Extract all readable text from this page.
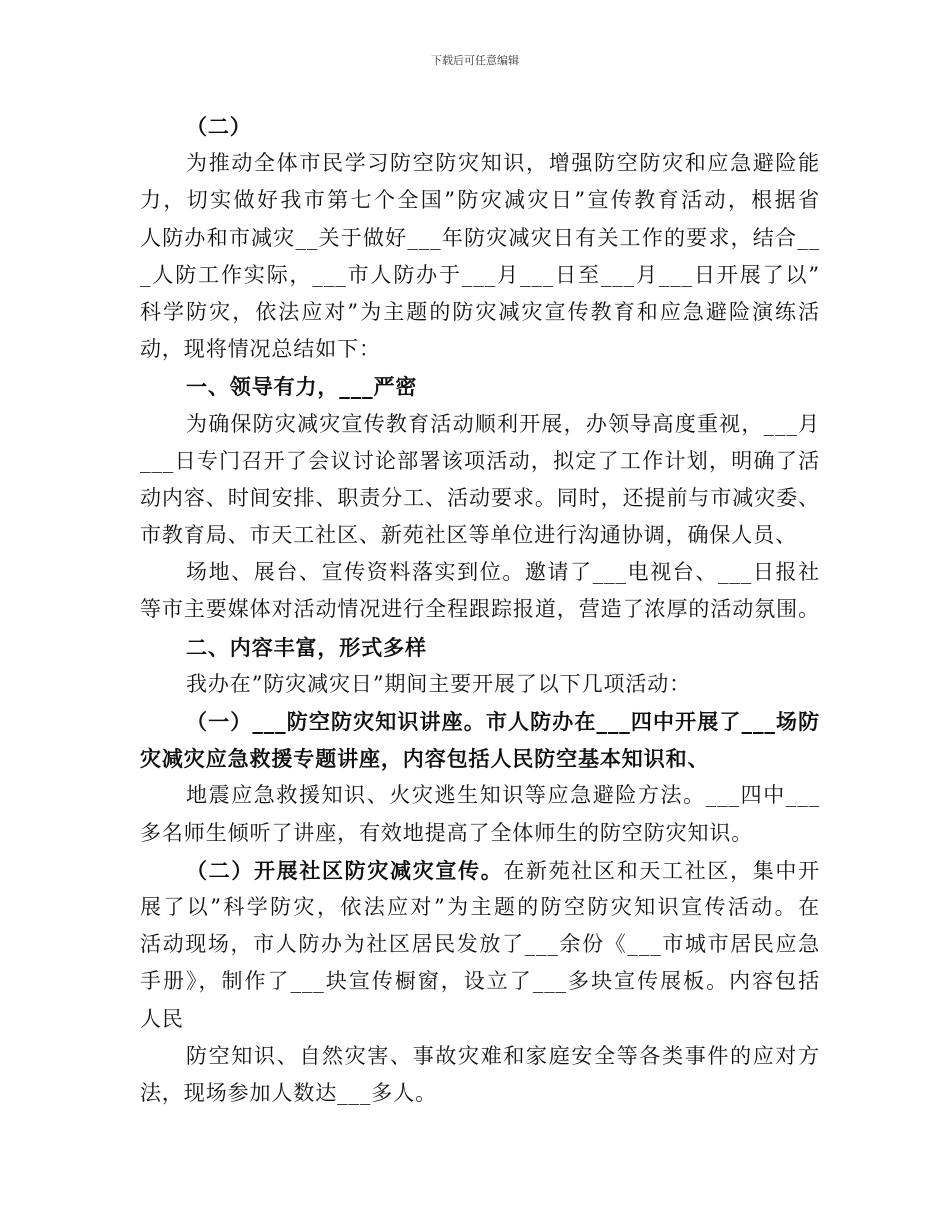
下载后可任意编辑
（二）
为推动全体市民学习防空防灾知识，增强防空防灾和应急避险能
力，切实做好我市第七个全国”防灾减灾日”宣传教育活动，根据省
人防办和市减灾__关于做好___年防灾减灾日有关工作的要求，结合__
_人防工作实际，___市人防办于___月___日至___月___日开展了以”
科学防灾，依法应对”为主题的防灾减灾宣传教育和应急避险演练活
动，现将情况总结如下：
一、领导有力，___严密
为确保防灾减灾宣传教育活动顺利开展，办领导高度重视，___月
___日专门召开了会议讨论部署该项活动，拟定了工作计划，明确了活
动内容、时间安排、职责分工、活动要求。同时，还提前与市减灾委、
市教育局、市天工社区、新苑社区等单位进行沟通协调，确保人员、
场地、展台、宣传资料落实到位。邀请了___电视台、___日报社
等市主要媒体对活动情况进行全程跟踪报道，营造了浓厚的活动氛围。
二、内容丰富，形式多样
我办在”防灾减灾日”期间主要开展了以下几项活动：
（一）___防空防灾知识讲座。市人防办在___四中开展了___场防
灾减灾应急救援专题讲座，内容包括人民防空基本知识和、
地震应急救援知识、火灾逃生知识等应急避险方法。___四中___
多名师生倾听了讲座，有效地提高了全体师生的防空防灾知识。
（二）开展社区防灾减灾宣传。在新苑社区和天工社区，集中开
展了以”科学防灾，依法应对”为主题的防空防灾知识宣传活动。在
活动现场，市人防办为社区居民发放了___余份《___市城市居民应急
手册》，制作了___块宣传橱窗，设立了___多块宣传展板。内容包括
人民
防空知识、自然灾害、事故灾难和家庭安全等各类事件的应对方
法，现场参加人数达___多人。
